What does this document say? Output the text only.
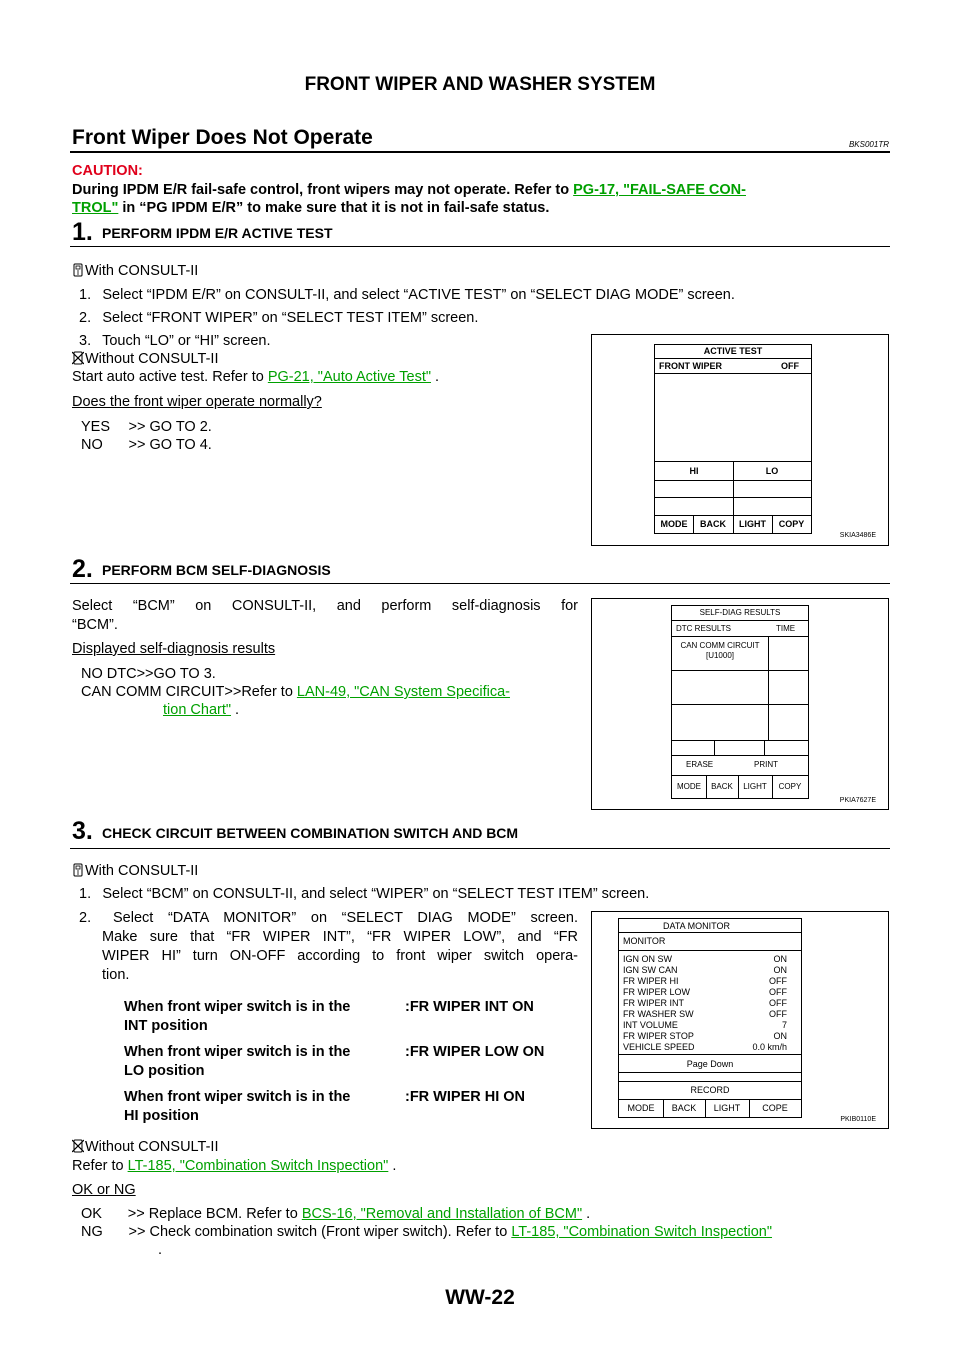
FRONT WIPER AND WASHER SYSTEM
Front Wiper Does Not Operate	BKS001TR
CAUTION:
During IPDM E/R fail-safe control, front wipers may not operate. Refer to PG-17, "FAIL-SAFE CON-
TROL" in “PG IPDM E/R” to make sure that it is not in fail-safe status.
1. PERFORM IPDM E/R ACTIVE TEST
With CONSULT-II
1.  Select “IPDM E/R” on CONSULT-II, and select “ACTIVE TEST” on “SELECT DIAG MODE” screen.
2.  Select “FRONT WIPER” on “SELECT TEST ITEM” screen.
3.  Touch “LO” or “HI” screen.
Without CONSULT-II
Start auto active test. Refer to PG-21, "Auto Active Test" .
Does the front wiper operate normally?
YES   >> GO TO 2.
NO    >> GO TO 4.
ACTIVE TEST
FRONT WIPER	OFF
HI	LO
MODE	BACK	LIGHT	COPY
SKIA3486E
2. PERFORM BCM SELF-DIAGNOSIS
Select “BCM” on CONSULT-II, and perform self-diagnosis for
“BCM”.
Displayed self-diagnosis results
NO DTC>>GO TO 3.
CAN COMM CIRCUIT>>Refer to LAN-49, "CAN System Specifica-
tion Chart" .
SELF-DIAG RESULTS
DTC RESULTS	TIME
CAN COMM CIRCUIT
[U1000]
ERASE	PRINT
MODE	BACK	LIGHT	COPY
PKIA7627E
3. CHECK CIRCUIT BETWEEN COMBINATION SWITCH AND BCM
With CONSULT-II
1.  Select “BCM” on CONSULT-II, and select “WIPER” on “SELECT TEST ITEM” screen.
2.  Select “DATA MONITOR” on “SELECT DIAG MODE” screen.
Make sure that “FR WIPER INT”, “FR WIPER LOW”, and “FR
WIPER HI” turn ON-OFF according to front wiper switch opera-
tion.
When front wiper switch is in the
INT position
:FR WIPER INT ON
When front wiper switch is in the
LO position
:FR WIPER LOW ON
When front wiper switch is in the
HI position
:FR WIPER HI ON
Without CONSULT-II
Refer to LT-185, "Combination Switch Inspection" .
OK or NG
OK    >> Replace BCM. Refer to BCS-16, "Removal and Installation of BCM" .
NG    >> Check combination switch (Front wiper switch). Refer to LT-185, "Combination Switch Inspection"
.
DATA MONITOR
MONITOR
IGN ON SW	ON
IGN SW CAN	ON
FR WIPER HI	OFF
FR WIPER LOW	OFF
FR WIPER INT	OFF
FR WASHER SW	OFF
INT VOLUME	7
FR WIPER STOP	ON
VEHICLE SPEED	0.0 km/h
Page Down
RECORD
MODE	BACK	LIGHT	COPE
PKIB0110E
WW-22
